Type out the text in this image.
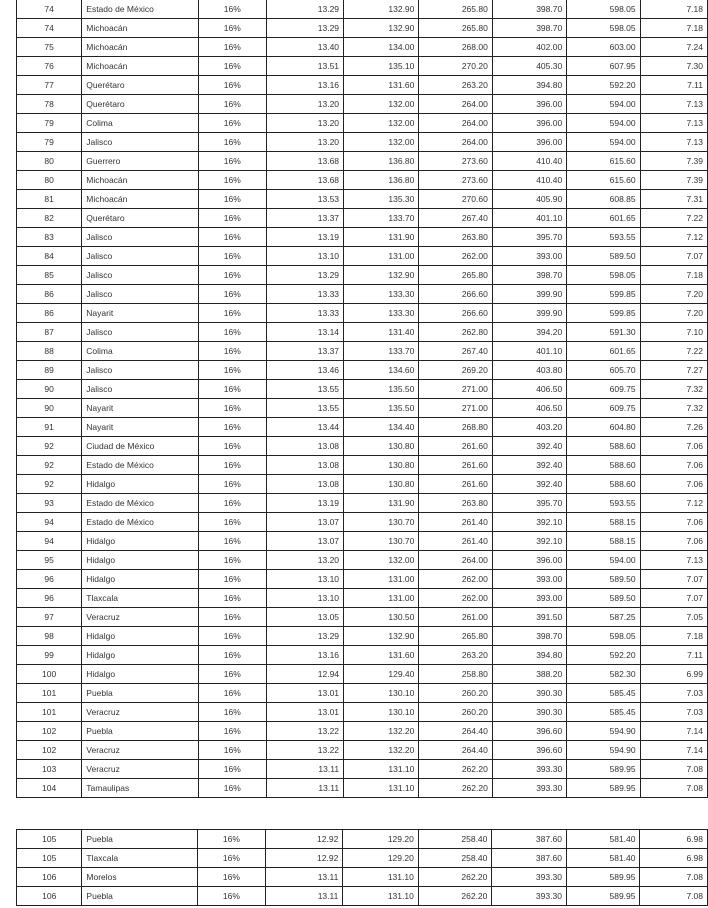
74	Estado de México	16%	13.29	132.90	265.80	398.70	598.05	7.18
74	Michoacán	16%	13.29	132.90	265.80	398.70	598.05	7.18
75	Michoacán	16%	13.40	134.00	268.00	402.00	603.00	7.24
76	Michoacán	16%	13.51	135.10	270.20	405.30	607.95	7.30
77	Querétaro	16%	13.16	131.60	263.20	394.80	592.20	7.11
78	Querétaro	16%	13.20	132.00	264.00	396.00	594.00	7.13
79	Colima	16%	13.20	132.00	264.00	396.00	594.00	7.13
79	Jalisco	16%	13.20	132.00	264.00	396.00	594.00	7.13
80	Guerrero	16%	13.68	136.80	273.60	410.40	615.60	7.39
80	Michoacán	16%	13.68	136.80	273.60	410.40	615.60	7.39
81	Michoacán	16%	13.53	135.30	270.60	405.90	608.85	7.31
82	Querétaro	16%	13.37	133.70	267.40	401.10	601.65	7.22
83	Jalisco	16%	13.19	131.90	263.80	395.70	593.55	7.12
84	Jalisco	16%	13.10	131.00	262.00	393.00	589.50	7.07
85	Jalisco	16%	13.29	132.90	265.80	398.70	598.05	7.18
86	Jalisco	16%	13.33	133.30	266.60	399.90	599.85	7.20
86	Nayarit	16%	13.33	133.30	266.60	399.90	599.85	7.20
87	Jalisco	16%	13.14	131.40	262.80	394.20	591.30	7.10
88	Colima	16%	13.37	133.70	267.40	401.10	601.65	7.22
89	Jalisco	16%	13.46	134.60	269.20	403.80	605.70	7.27
90	Jalisco	16%	13.55	135.50	271.00	406.50	609.75	7.32
90	Nayarit	16%	13.55	135.50	271.00	406.50	609.75	7.32
91	Nayarit	16%	13.44	134.40	268.80	403.20	604.80	7.26
92	Ciudad de México	16%	13.08	130.80	261.60	392.40	588.60	7.06
92	Estado de México	16%	13.08	130.80	261.60	392.40	588.60	7.06
92	Hidalgo	16%	13.08	130.80	261.60	392.40	588.60	7.06
93	Estado de México	16%	13.19	131.90	263.80	395.70	593.55	7.12
94	Estado de México	16%	13.07	130.70	261.40	392.10	588.15	7.06
94	Hidalgo	16%	13.07	130.70	261.40	392.10	588.15	7.06
95	Hidalgo	16%	13.20	132.00	264.00	396.00	594.00	7.13
96	Hidalgo	16%	13.10	131.00	262.00	393.00	589.50	7.07
96	Tlaxcala	16%	13.10	131.00	262.00	393.00	589.50	7.07
97	Veracruz	16%	13.05	130.50	261.00	391.50	587.25	7.05
98	Hidalgo	16%	13.29	132.90	265.80	398.70	598.05	7.18
99	Hidalgo	16%	13.16	131.60	263.20	394.80	592.20	7.11
100	Hidalgo	16%	12.94	129.40	258.80	388.20	582.30	6.99
101	Puebla	16%	13.01	130.10	260.20	390.30	585.45	7.03
101	Veracruz	16%	13.01	130.10	260.20	390.30	585.45	7.03
102	Puebla	16%	13.22	132.20	264.40	396.60	594.90	7.14
102	Veracruz	16%	13.22	132.20	264.40	396.60	594.90	7.14
103	Veracruz	16%	13.11	131.10	262.20	393.30	589.95	7.08
104	Tamaulipas	16%	13.11	131.10	262.20	393.30	589.95	7.08
105	Puebla	16%	12.92	129.20	258.40	387.60	581.40	6.98
105	Tlaxcala	16%	12.92	129.20	258.40	387.60	581.40	6.98
106	Morelos	16%	13.11	131.10	262.20	393.30	589.95	7.08
106	Puebla	16%	13.11	131.10	262.20	393.30	589.95	7.08
